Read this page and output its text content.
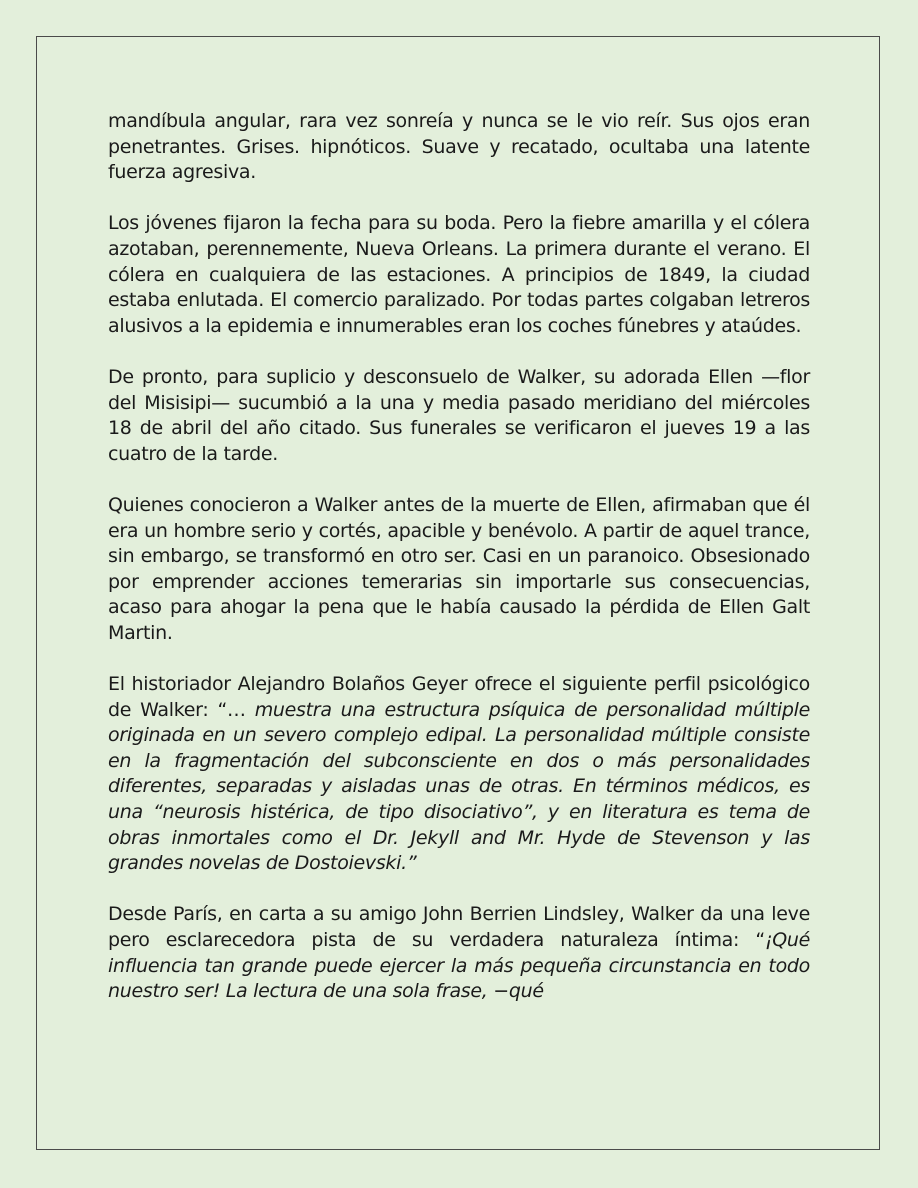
mandíbula angular, rara vez sonreía y nunca se le vio reír. Sus ojos eran penetrantes. Grises. hipnóticos. Suave y recatado, ocultaba una latente fuerza agresiva.

Los jóvenes fijaron la fecha para su boda. Pero la fiebre amarilla y el cólera azotaban, perennemente, Nueva Orleans. La primera durante el verano. El cólera en cualquiera de las estaciones. A principios de 1849, la ciudad estaba enlutada. El comercio paralizado. Por todas partes colgaban letreros alusivos a la epidemia e innumerables eran los coches fúnebres y ataúdes.

De pronto, para suplicio y desconsuelo de Walker, su adorada Ellen —flor del Misisipi— sucumbió a la una y media pasado meridiano del miércoles 18 de abril del año citado. Sus funerales se verificaron el jueves 19 a las cuatro de la tarde.

Quienes conocieron a Walker antes de la muerte de Ellen, afirmaban que él era un hombre serio y cortés, apacible y benévolo. A partir de aquel trance, sin embargo, se transformó en otro ser. Casi en un paranoico. Obsesionado por emprender acciones temerarias sin importarle sus consecuencias, acaso para ahogar la pena que le había causado la pérdida de Ellen Galt Martin.

El historiador Alejandro Bolaños Geyer ofrece el siguiente perfil psicológico de Walker: “… muestra una estructura psíquica de personalidad múltiple originada en un severo complejo edipal. La personalidad múltiple consiste en la fragmentación del subconsciente en dos o más personalidades diferentes, separadas y aisladas unas de otras. En términos médicos, es una “neurosis histérica, de tipo disociativo”, y en literatura es tema de obras inmortales como el Dr. Jekyll and Mr. Hyde de Stevenson y las grandes novelas de Dostoievski.”

Desde París, en carta a su amigo John Berrien Lindsley, Walker da una leve pero esclarecedora pista de su verdadera naturaleza íntima: “¡Qué influencia tan grande puede ejercer la más pequeña circunstancia en todo nuestro ser! La lectura de una sola frase, −qué
